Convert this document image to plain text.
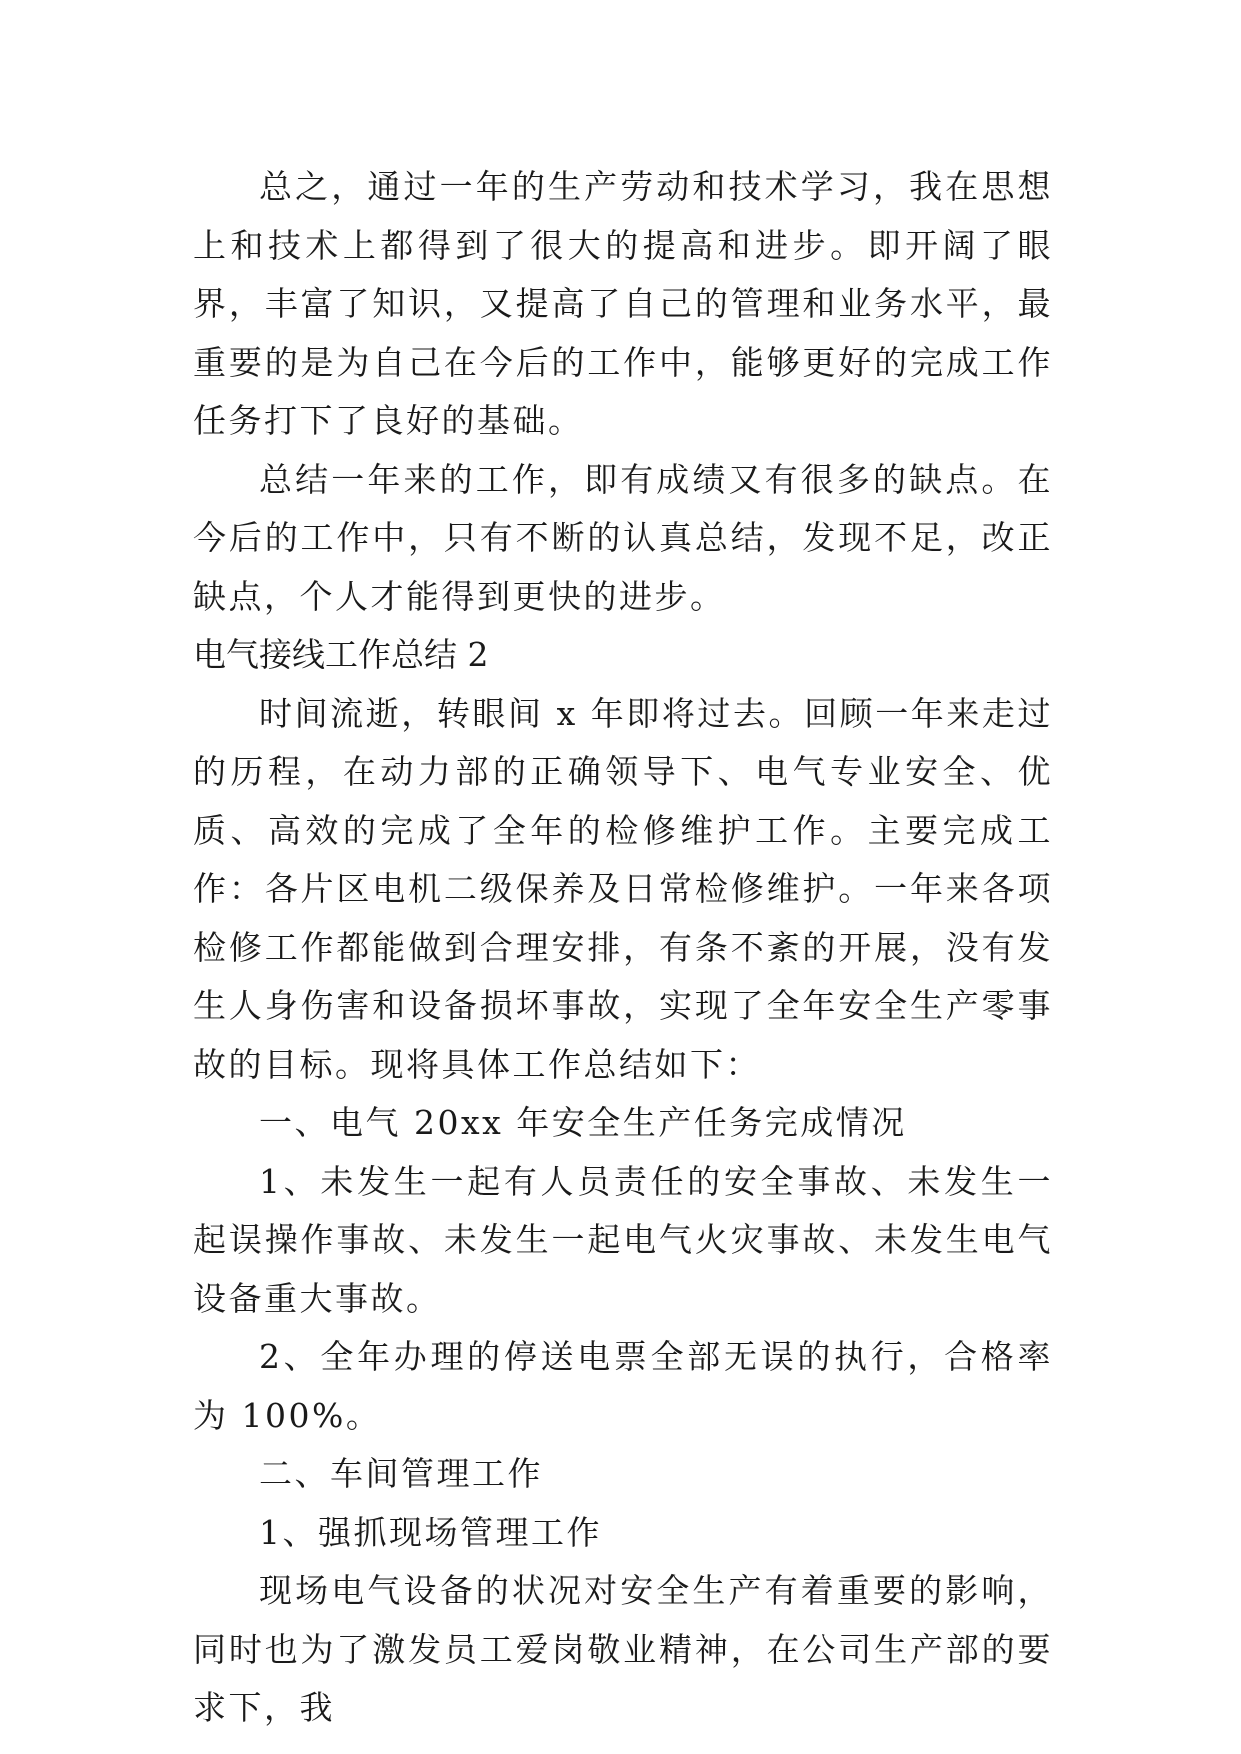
总之，通过一年的生产劳动和技术学习，我在思想上和技术上都得到了很大的提高和进步。即开阔了眼界，丰富了知识，又提高了自己的管理和业务水平，最重要的是为自己在今后的工作中，能够更好的完成工作任务打下了良好的基础。

总结一年来的工作，即有成绩又有很多的缺点。在今后的工作中，只有不断的认真总结，发现不足，改正缺点，个人才能得到更快的进步。

电气接线工作总结 2

时间流逝，转眼间 x 年即将过去。回顾一年来走过的历程，在动力部的正确领导下、电气专业安全、优质、高效的完成了全年的检修维护工作。主要完成工作：各片区电机二级保养及日常检修维护。一年来各项检修工作都能做到合理安排，有条不紊的开展，没有发生人身伤害和设备损坏事故，实现了全年安全生产零事故的目标。现将具体工作总结如下：

一、电气 20xx 年安全生产任务完成情况

1、未发生一起有人员责任的安全事故、未发生一起误操作事故、未发生一起电气火灾事故、未发生电气设备重大事故。

2、全年办理的停送电票全部无误的执行，合格率为 100%。

二、车间管理工作

1、强抓现场管理工作

现场电气设备的状况对安全生产有着重要的影响，同时也为了激发员工爱岗敬业精神，在公司生产部的要求下，我
